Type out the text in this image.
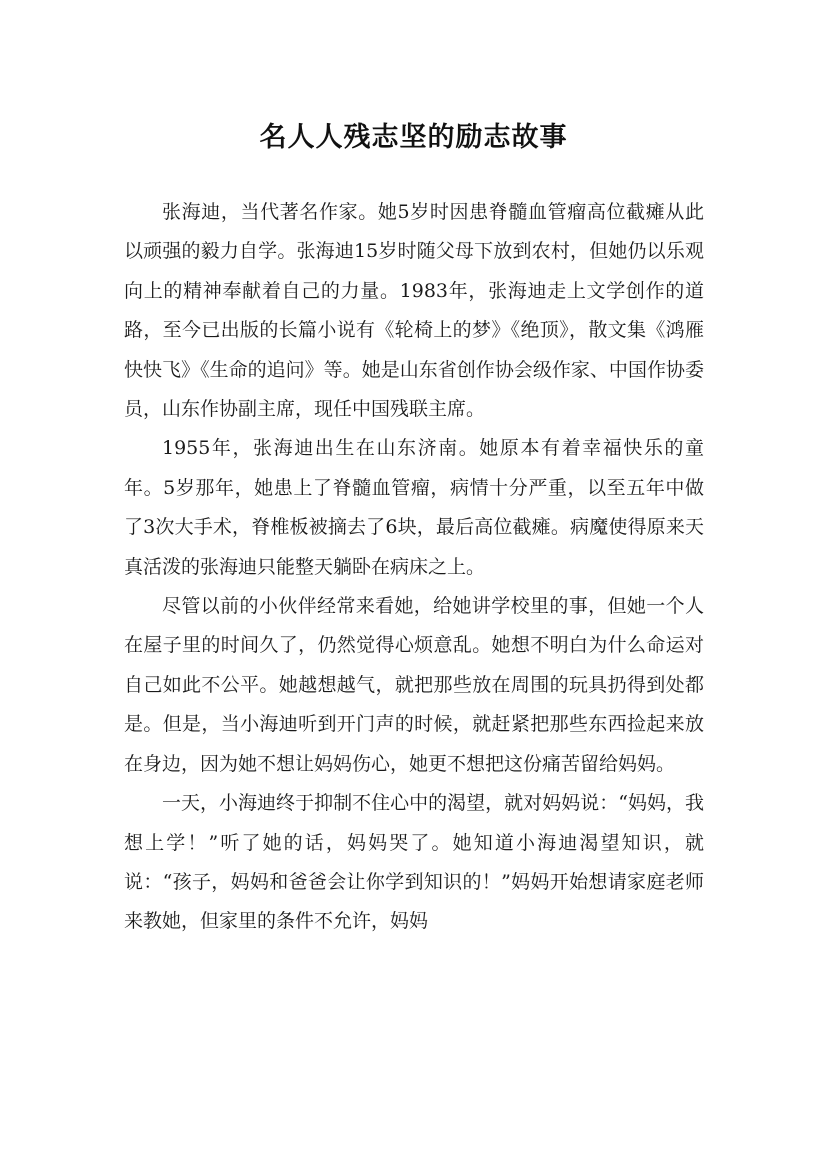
名人人残志坚的励志故事

张海迪，当代著名作家。她5岁时因患脊髓血管瘤高位截瘫从此以顽强的毅力自学。张海迪15岁时随父母下放到农村，但她仍以乐观向上的精神奉献着自己的力量。1983年，张海迪走上文学创作的道路，至今已出版的长篇小说有《轮椅上的梦》《绝顶》，散文集《鸿雁快快飞》《生命的追问》等。她是山东省创作协会级作家、中国作协委员，山东作协副主席，现任中国残联主席。

1955年，张海迪出生在山东济南。她原本有着幸福快乐的童年。5岁那年，她患上了脊髓血管瘤，病情十分严重，以至五年中做了3次大手术，脊椎板被摘去了6块，最后高位截瘫。病魔使得原来天真活泼的张海迪只能整天躺卧在病床之上。

尽管以前的小伙伴经常来看她，给她讲学校里的事，但她一个人在屋子里的时间久了，仍然觉得心烦意乱。她想不明白为什么命运对自己如此不公平。她越想越气，就把那些放在周围的玩具扔得到处都是。但是，当小海迪听到开门声的时候，就赶紧把那些东西捡起来放在身边，因为她不想让妈妈伤心，她更不想把这份痛苦留给妈妈。

一天，小海迪终于抑制不住心中的渴望，就对妈妈说：“妈妈，我想上学！”听了她的话，妈妈哭了。她知道小海迪渴望知识，就说：“孩子，妈妈和爸爸会让你学到知识的！”妈妈开始想请家庭老师来教她，但家里的条件不允许，妈妈
